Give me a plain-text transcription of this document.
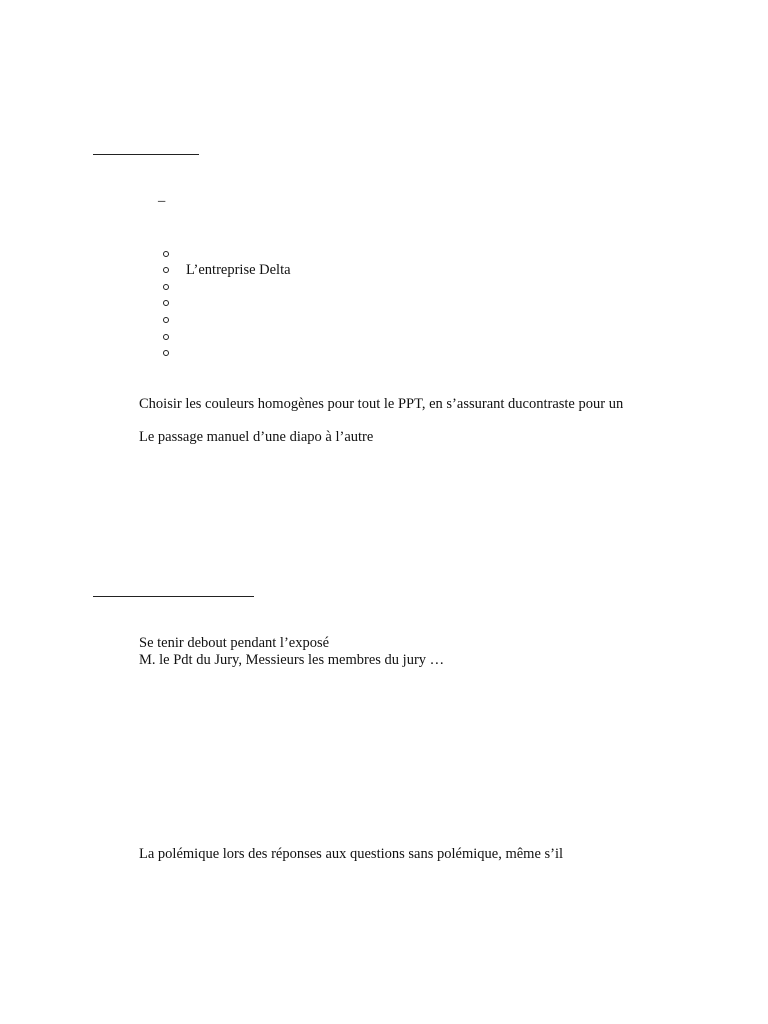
–
L’entreprise Delta
Choisir les couleurs homogènes pour tout le PPT, en s’assurant ducontraste pour un
Le passage manuel d’une diapo à l’autre
Se tenir debout pendant l’exposé
M. le Pdt du Jury, Messieurs les membres du jury …
La polémique lors des réponses aux questions sans polémique, même s’il
